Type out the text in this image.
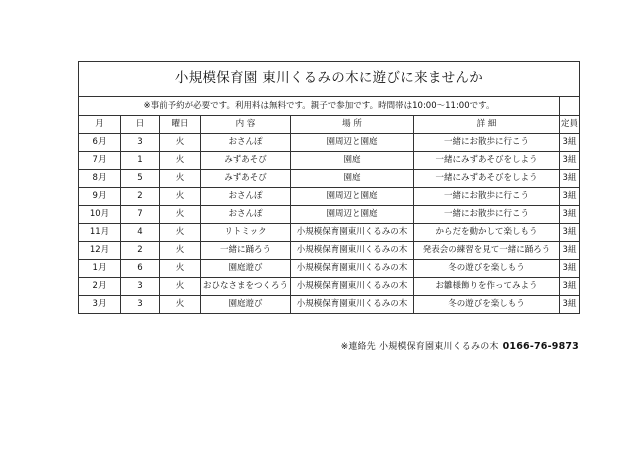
小規模保育園 東川くるみの木に遊びに来ませんか						
※事前予約が必要です。利用料は無料です。親子で参加です。時間帯は10:00～11:00です。						
月	日	曜日	内 容	場 所	詳 細	定員
6月	3	火	おさんぽ	園周辺と園庭	一緒にお散歩に行こう	3組
7月	1	火	みずあそび	園庭	一緒にみずあそびをしよう	3組
8月	5	火	みずあそび	園庭	一緒にみずあそびをしよう	3組
9月	2	火	おさんぽ	園周辺と園庭	一緒にお散歩に行こう	3組
10月	7	火	おさんぽ	園周辺と園庭	一緒にお散歩に行こう	3組
11月	4	火	リトミック	小規模保育園東川くるみの木	からだを動かして楽しもう	3組
12月	2	火	一緒に踊ろう	小規模保育園東川くるみの木	発表会の練習を見て一緒に踊ろう	3組
1月	6	火	園庭遊び	小規模保育園東川くるみの木	冬の遊びを楽しもう	3組
2月	3	火	おひなさまをつくろう	小規模保育園東川くるみの木	お雛様飾りを作ってみよう	3組
3月	3	火	園庭遊び	小規模保育園東川くるみの木	冬の遊びを楽しもう	3組
※連絡先 小規模保育園東川くるみの木 0166-76-9873
